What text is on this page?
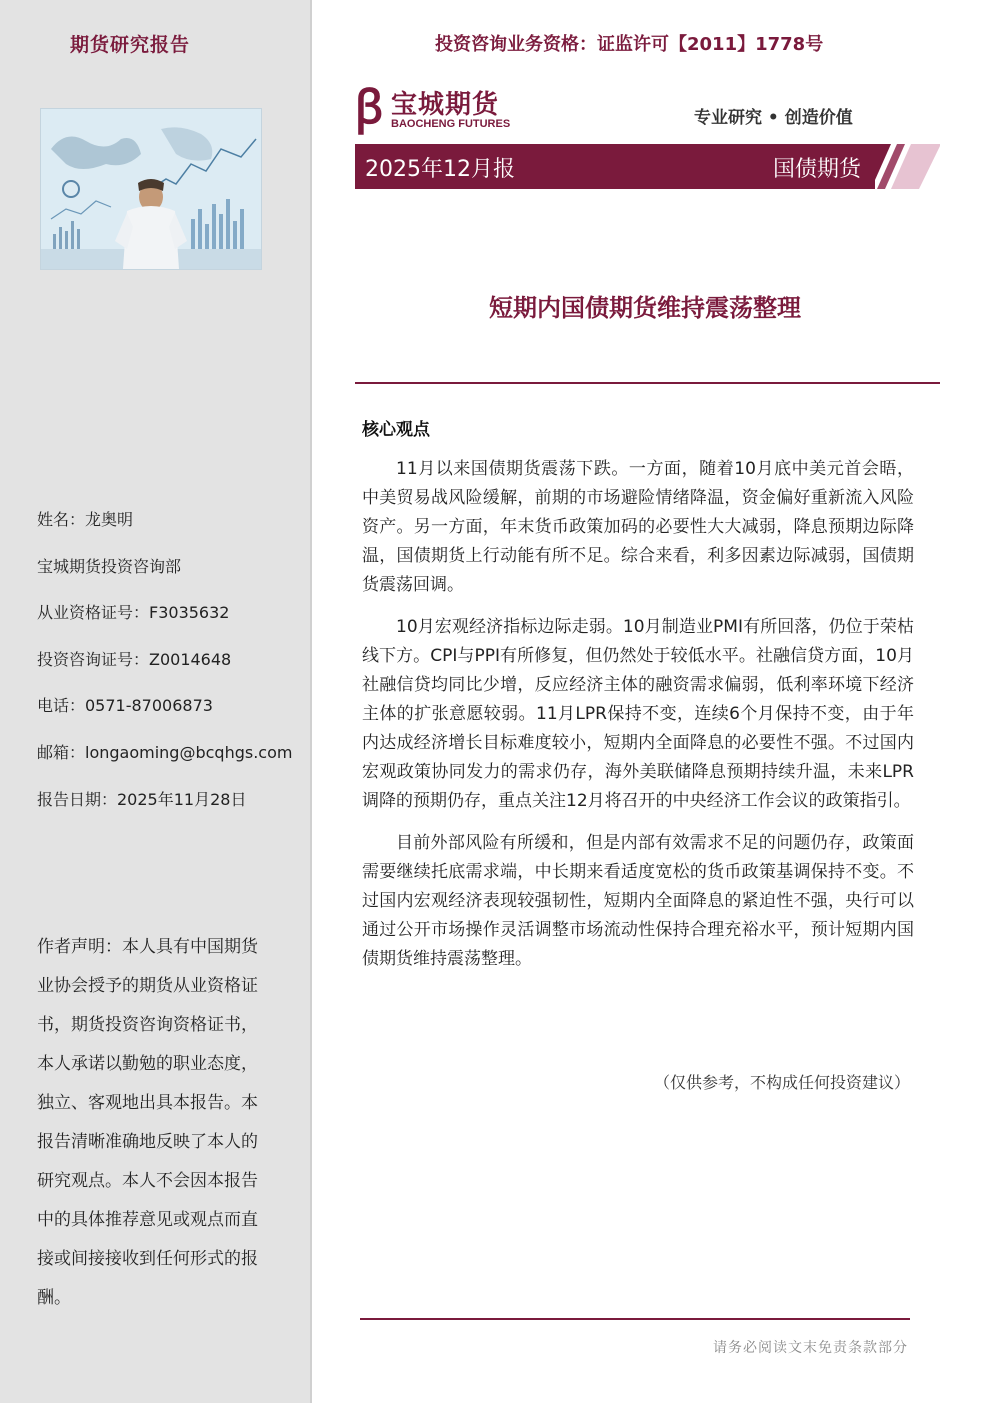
期货研究报告
姓名：龙奥明
宝城期货投资咨询部
从业资格证号：F3035632
投资咨询证号：Z0014648
电话：0571-87006873
邮箱：longaoming@bcqhgs.com
报告日期：2025年11月28日
作者声明：本人具有中国期货业协会授予的期货从业资格证书，期货投资咨询资格证书，本人承诺以勤勉的职业态度，独立、客观地出具本报告。本报告清晰准确地反映了本人的研究观点。本人不会因本报告中的具体推荐意见或观点而直接或间接接收到任何形式的报酬。
投资咨询业务资格：证监许可【2011】1778号
ꞵ 宝城期货
BAOCHENG FUTURES	专业研究 • 创造价值
2025年12月报	国债期货
短期内国债期货维持震荡整理
核心观点

11月以来国债期货震荡下跌。一方面，随着10月底中美元首会晤，中美贸易战风险缓解，前期的市场避险情绪降温，资金偏好重新流入风险资产。另一方面，年末货币政策加码的必要性大大减弱，降息预期边际降温，国债期货上行动能有所不足。综合来看，利多因素边际减弱，国债期货震荡回调。

10月宏观经济指标边际走弱。10月制造业PMI有所回落，仍位于荣枯线下方。CPI与PPI有所修复，但仍然处于较低水平。社融信贷方面，10月社融信贷均同比少增，反应经济主体的融资需求偏弱，低利率环境下经济主体的扩张意愿较弱。11月LPR保持不变，连续6个月保持不变，由于年内达成经济增长目标难度较小，短期内全面降息的必要性不强。不过国内宏观政策协同发力的需求仍存，海外美联储降息预期持续升温，未来LPR调降的预期仍存，重点关注12月将召开的中央经济工作会议的政策指引。

目前外部风险有所缓和，但是内部有效需求不足的问题仍存，政策面需要继续托底需求端，中长期来看适度宽松的货币政策基调保持不变。不过国内宏观经济表现较强韧性，短期内全面降息的紧迫性不强，央行可以通过公开市场操作灵活调整市场流动性保持合理充裕水平，预计短期内国债期货维持震荡整理。

（仅供参考，不构成任何投资建议）
请务必阅读文末免责条款部分
